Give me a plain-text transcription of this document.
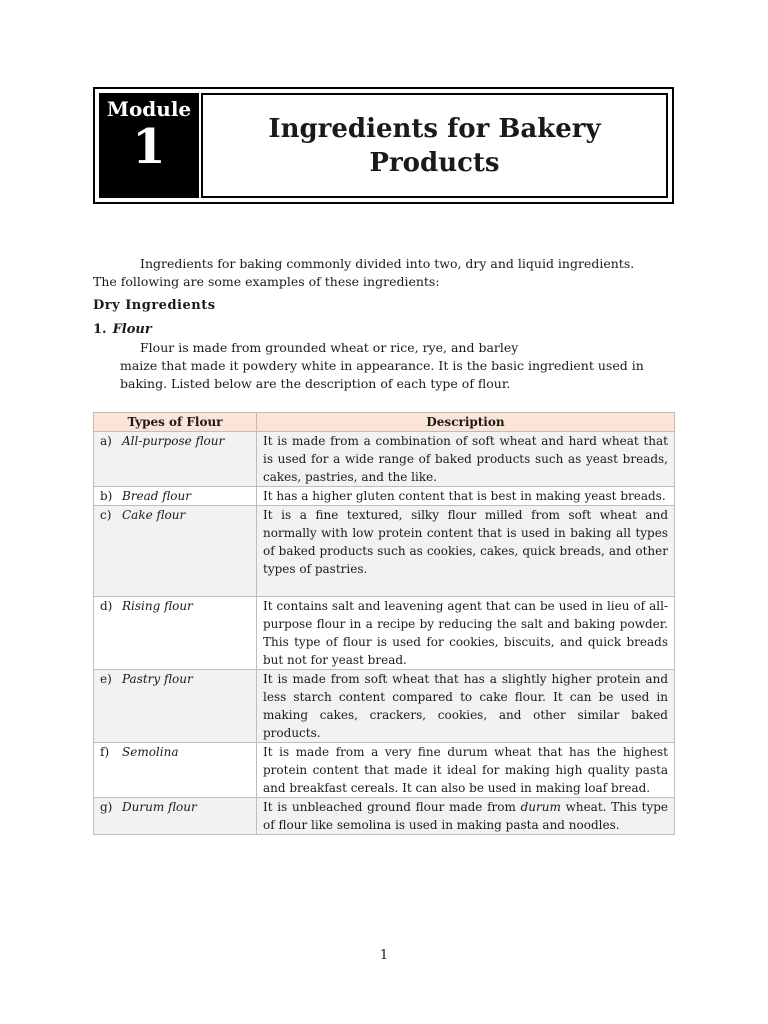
Module
1	Ingredients for Bakery Products
Ingredients for baking commonly divided into two, dry and liquid ingredients.
The following are some examples of these ingredients:
Dry Ingredients
1. Flour
Flour is made from grounded wheat or rice, rye, and barley
maize that made it powdery white in appearance. It is the basic ingredient used in baking. Listed below are the description of each type of flour.
Types of Flour	Description
a) All-purpose flour	It is made from a combination of soft wheat and hard wheat that is used for a wide range of baked products such as yeast breads, cakes, pastries, and the like.
b) Bread flour	It has a higher gluten content that is best in making yeast breads.
c) Cake flour	It is a fine textured, silky flour milled from soft wheat and normally with low protein content that is used in baking all types of baked products such as cookies, cakes, quick breads, and other types of pastries.
d) Rising flour	It contains salt and leavening agent that can be used in lieu of all-purpose flour in a recipe by reducing the salt and baking powder. This type of flour is used for cookies, biscuits, and quick breads but not for yeast bread.
e) Pastry flour	It is made from soft wheat that has a slightly higher protein and less starch content compared to cake flour. It can be used in making cakes, crackers, cookies, and other similar baked products.
f) Semolina	It is made from a very fine durum wheat that has the highest protein content that made it ideal for making high quality pasta and breakfast cereals. It can also be used in making loaf bread.
g) Durum flour	It is unbleached ground flour made from durum wheat. This type of flour like semolina is used in making pasta and noodles.
1
